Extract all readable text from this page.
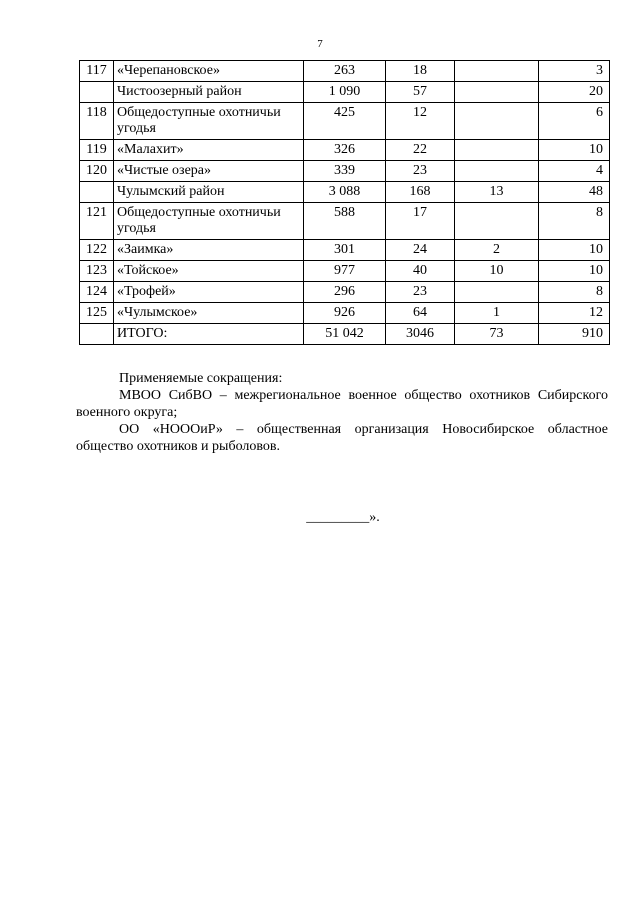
7
117	«Черепановское»	263	18		3
	Чистоозерный район	1 090	57		20
118	Общедоступные охотничьи угодья	425	12		6
119	«Малахит»	326	22		10
120	«Чистые озера»	339	23		4
	Чулымский район	3 088	168	13	48
121	Общедоступные охотничьи угодья	588	17		8
122	«Заимка»	301	24	2	10
123	«Тойское»	977	40	10	10
124	«Трофей»	296	23		8
125	«Чулымское»	926	64	1	12
	ИТОГО:	51 042	3046	73	910

Применяемые сокращения:

МВОО СибВО – межрегиональное военное общество охотников Сибирского военного округа;

ОО «НОООиР» – общественная организация Новосибирское областное общество охотников и рыболовов.

_________».
